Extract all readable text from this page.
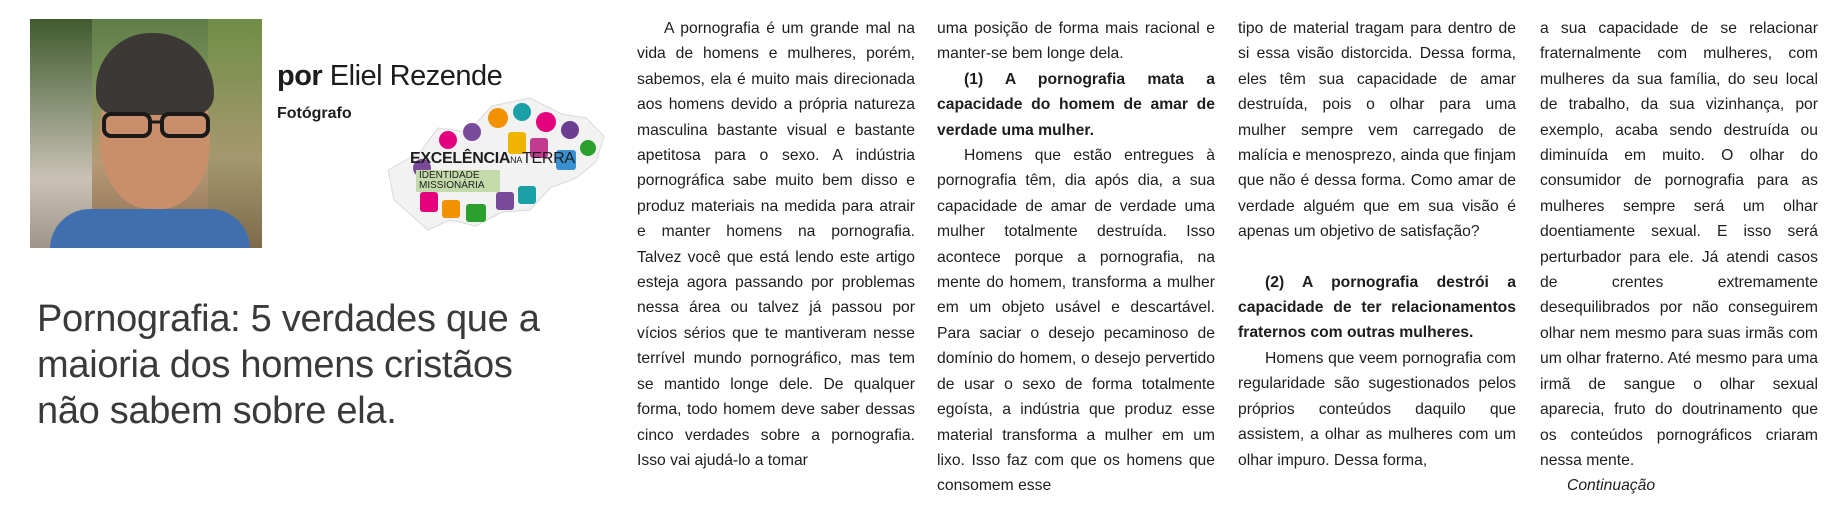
por Eliel Rezende
Fotógrafo
EXCELÊNCIANATERRA
IDENTIDADE MISSIONÁRIA
Pornografia: 5 verdades que a maioria dos homens cristãos não sabem sobre ela.

A pornografia é um grande mal na vida de homens e mulheres, porém, sabemos, ela é muito mais direcionada aos homens devido a própria natureza masculina bastante visual e bastante apetitosa para o sexo. A indústria pornográfica sabe muito bem disso e produz materiais na medida para atrair e manter homens na pornografia. Talvez você que está lendo este artigo esteja agora passando por problemas nessa área ou talvez já passou por vícios sérios que te mantiveram nesse terrível mundo pornográfico, mas tem se mantido longe dele. De qualquer forma, todo homem deve saber dessas cinco verdades sobre a pornografia. Isso vai ajudá-lo a tomar

uma posição de forma mais racional e manter-se bem longe dela.

(1) A pornografia mata a capacidade do homem de amar de verdade uma mulher.

Homens que estão entregues à pornografia têm, dia após dia, a sua capacidade de amar de verdade uma mulher totalmente destruída. Isso acontece porque a pornografia, na mente do homem, transforma a mulher em um objeto usável e descartável. Para saciar o desejo pecaminoso de domínio do homem, o desejo pervertido de usar o sexo de forma totalmente egoísta, a indústria que produz esse material transforma a mulher em um lixo. Isso faz com que os homens que consomem esse

tipo de material tragam para dentro de si essa visão distorcida. Dessa forma, eles têm sua capacidade de amar destruída, pois o olhar para uma mulher sempre vem carregado de malícia e menosprezo, ainda que finjam que não é dessa forma. Como amar de verdade alguém que em sua visão é apenas um objetivo de satisfação?

(2) A pornografia destrói a capacidade de ter relacionamentos fraternos com outras mulheres.

Homens que veem pornografia com regularidade são sugestionados pelos próprios conteúdos daquilo que assistem, a olhar as mulheres com um olhar impuro. Dessa forma,

a sua capacidade de se relacionar fraternalmente com mulheres, com mulheres da sua família, do seu local de trabalho, da sua vizinhança, por exemplo, acaba sendo destruída ou diminuída em muito. O olhar do consumidor de pornografia para as mulheres sempre será um olhar doentiamente sexual. E isso será perturbador para ele. Já atendi casos de crentes extremamente desequilibrados por não conseguirem olhar nem mesmo para suas irmãs com um olhar fraterno. Até mesmo para uma irmã de sangue o olhar sexual aparecia, fruto do doutrinamento que os conteúdos pornográficos criaram nessa mente.

Continuação
